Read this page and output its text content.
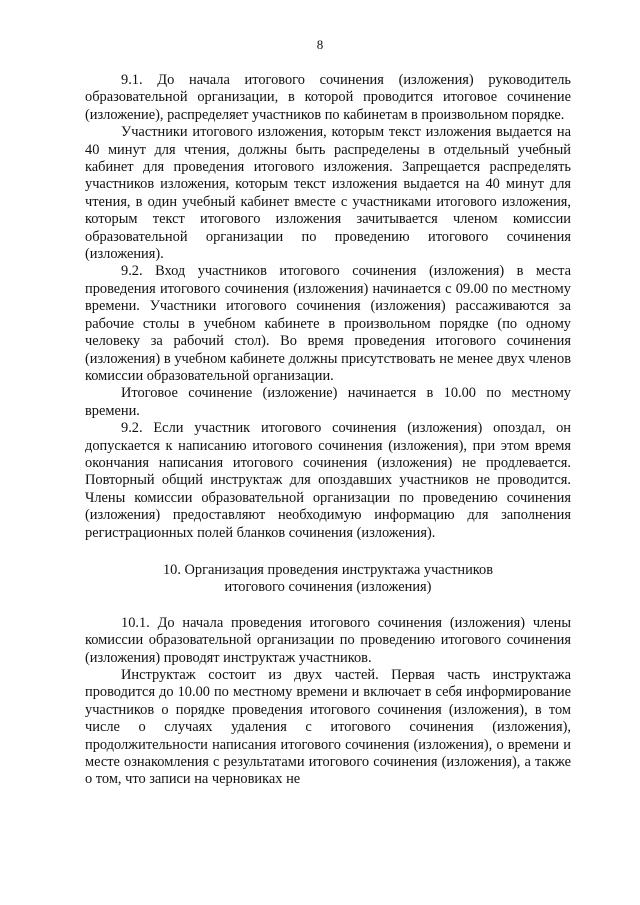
8

9.1. До начала итогового сочинения (изложения) руководитель образовательной организации, в которой проводится итоговое сочинение (изложение), распределяет участников по кабинетам в произвольном порядке.

Участники итогового изложения, которым текст изложения выдается на 40 минут для чтения, должны быть распределены в отдельный учебный кабинет для проведения итогового изложения. Запрещается распределять участников изложения, которым текст изложения выдается на 40 минут для чтения, в один учебный кабинет вместе с участниками итогового изложения, которым текст итогового изложения зачитывается членом комиссии образовательной организации по проведению итогового сочинения (изложения).

9.2. Вход участников итогового сочинения (изложения) в места проведения итогового сочинения (изложения) начинается с 09.00 по местному времени. Участники итогового сочинения (изложения) рассаживаются за рабочие столы в учебном кабинете в произвольном порядке (по одному человеку за рабочий стол). Во время проведения итогового сочинения (изложения) в учебном кабинете должны присутствовать не менее двух членов комиссии образовательной организации.

Итоговое сочинение (изложение) начинается в 10.00 по местному времени.

9.2. Если участник итогового сочинения (изложения) опоздал, он допускается к написанию итогового сочинения (изложения), при этом время окончания написания итогового сочинения (изложения) не продлевается. Повторный общий инструктаж для опоздавших участников не проводится. Члены комиссии образовательной организации по проведению сочинения (изложения) предоставляют необходимую информацию для заполнения регистрационных полей бланков сочинения (изложения).

10. Организация проведения инструктажа участников
итогового сочинения (изложения)

10.1. До начала проведения итогового сочинения (изложения) члены комиссии образовательной организации по проведению итогового сочинения (изложения) проводят инструктаж участников.

Инструктаж состоит из двух частей. Первая часть инструктажа проводится до 10.00 по местному времени и включает в себя информирование участников о порядке проведения итогового сочинения (изложения), в том числе о случаях удаления с итогового сочинения (изложения), продолжительности написания итогового сочинения (изложения), о времени и месте ознакомления с результатами итогового сочинения (изложения), а также о том, что записи на черновиках не
